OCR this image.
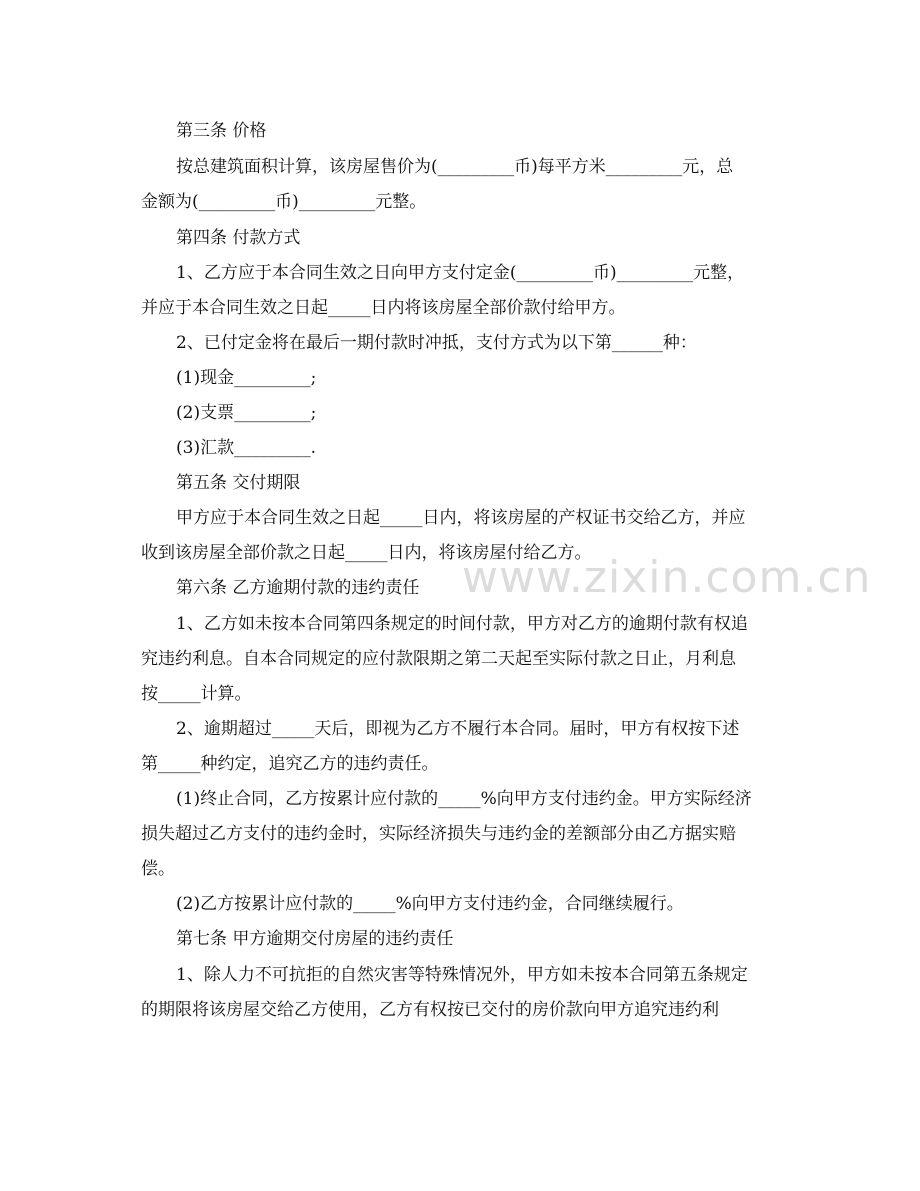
www.zixin.com.cn
第三条 价格
按总建筑面积计算，该房屋售价为(_________币)每平方米_________元，总
金额为(_________币)_________元整。
第四条 付款方式
1、乙方应于本合同生效之日向甲方支付定金(_________币)_________元整，
并应于本合同生效之日起_____日内将该房屋全部价款付给甲方。
2、已付定金将在最后一期付款时冲抵，支付方式为以下第______种：
(1)现金_________;
(2)支票_________;
(3)汇款_________.
第五条 交付期限
甲方应于本合同生效之日起_____日内，将该房屋的产权证书交给乙方，并应
收到该房屋全部价款之日起_____日内，将该房屋付给乙方。
第六条 乙方逾期付款的违约责任
1、乙方如未按本合同第四条规定的时间付款，甲方对乙方的逾期付款有权追
究违约利息。自本合同规定的应付款限期之第二天起至实际付款之日止，月利息
按_____计算。
2、逾期超过_____天后，即视为乙方不履行本合同。届时，甲方有权按下述
第_____种约定，追究乙方的违约责任。
(1)终止合同，乙方按累计应付款的_____%向甲方支付违约金。甲方实际经济
损失超过乙方支付的违约金时，实际经济损失与违约金的差额部分由乙方据实赔
偿。
(2)乙方按累计应付款的_____%向甲方支付违约金，合同继续履行。
第七条 甲方逾期交付房屋的违约责任
1、除人力不可抗拒的自然灾害等特殊情况外，甲方如未按本合同第五条规定
的期限将该房屋交给乙方使用，乙方有权按已交付的房价款向甲方追究违约利
